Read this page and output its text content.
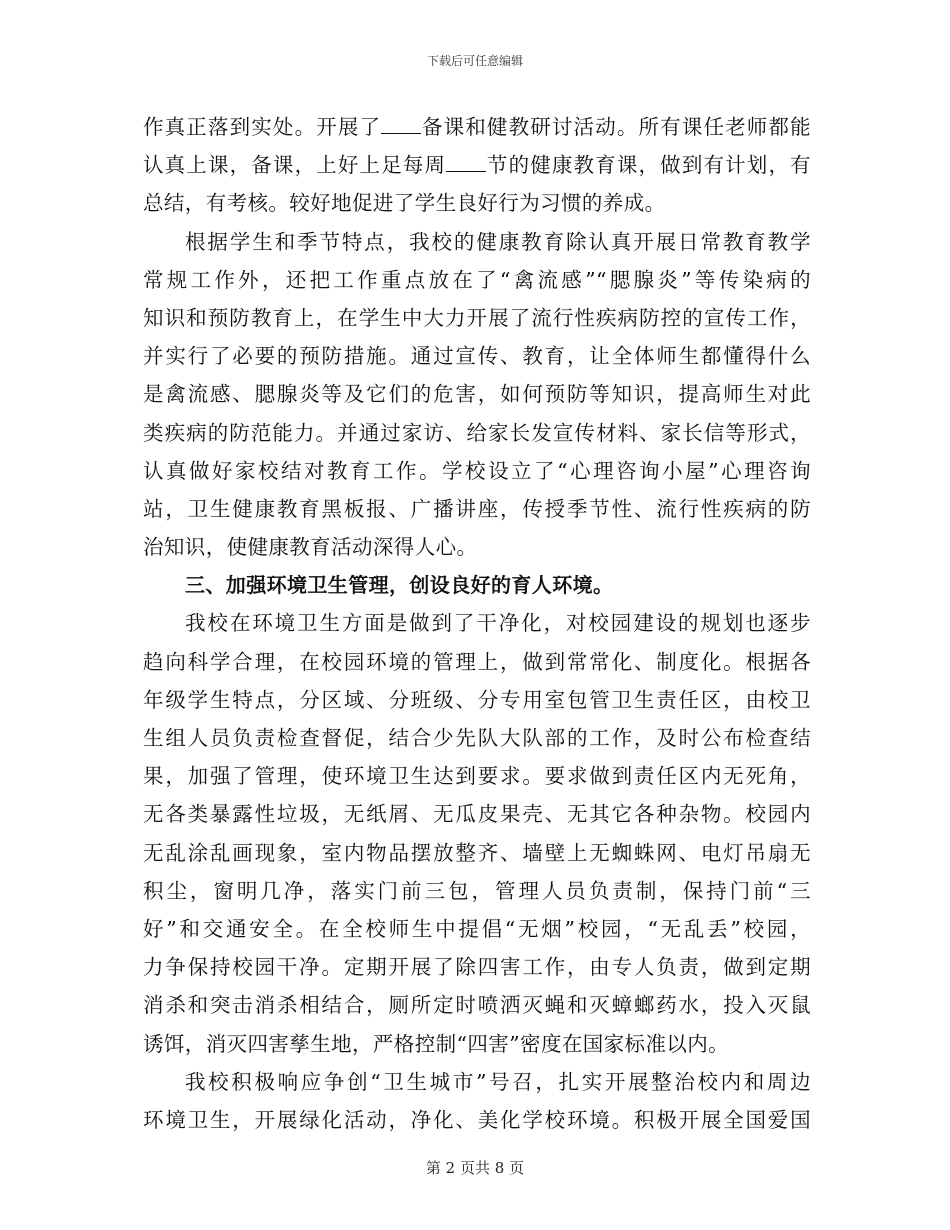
下载后可任意编辑
作真正落到实处。开展了 备课和健教研讨活动。所有课任老师都能
认真上课，备课，上好上足每周 节的健康教育课，做到有计划，有
总结，有考核。较好地促进了学生良好行为习惯的养成。
根据学生和季节特点，我校的健康教育除认真开展日常教育教学
常规工作外，还把工作重点放在了“禽流感”“腮腺炎”等传染病的
知识和预防教育上，在学生中大力开展了流行性疾病防控的宣传工作，
并实行了必要的预防措施。通过宣传、教育，让全体师生都懂得什么
是禽流感、腮腺炎等及它们的危害，如何预防等知识，提高师生对此
类疾病的防范能力。并通过家访、给家长发宣传材料、家长信等形式，
认真做好家校结对教育工作。学校设立了“心理咨询小屋”心理咨询
站，卫生健康教育黑板报、广播讲座，传授季节性、流行性疾病的防
治知识，使健康教育活动深得人心。
三、加强环境卫生管理，创设良好的育人环境。
我校在环境卫生方面是做到了干净化，对校园建设的规划也逐步
趋向科学合理，在校园环境的管理上，做到常常化、制度化。根据各
年级学生特点，分区域、分班级、分专用室包管卫生责任区，由校卫
生组人员负责检查督促，结合少先队大队部的工作，及时公布检查结
果，加强了管理，使环境卫生达到要求。要求做到责任区内无死角，
无各类暴露性垃圾，无纸屑、无瓜皮果壳、无其它各种杂物。校园内
无乱涂乱画现象，室内物品摆放整齐、墙壁上无蜘蛛网、电灯吊扇无
积尘，窗明几净，落实门前三包，管理人员负责制，保持门前“三
好”和交通安全。在全校师生中提倡“无烟”校园，“无乱丢”校园，
力争保持校园干净。定期开展了除四害工作，由专人负责，做到定期
消杀和突击消杀相结合，厕所定时喷洒灭蝇和灭蟑螂药水，投入灭鼠
诱饵，消灭四害孳生地，严格控制“四害”密度在国家标准以内。
我校积极响应争创“卫生城市”号召，扎实开展整治校内和周边
环境卫生，开展绿化活动，净化、美化学校环境。积极开展全国爱国
第 2 页共 8 页
